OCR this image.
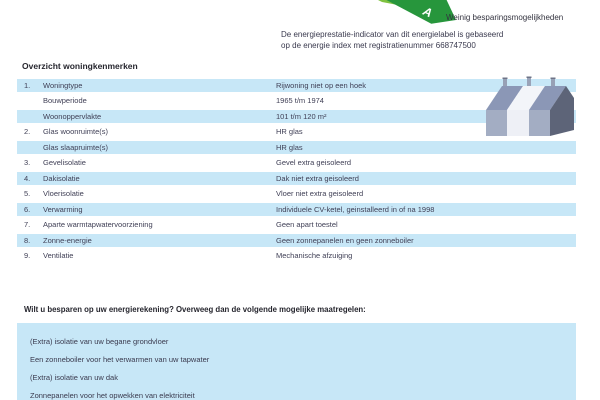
A Weinig besparingsmogelijkheden
De energieprestatie-indicator van dit energielabel is gebaseerd
op de energie index met registratienummer 668747500
Overzicht woningkenmerken
1.	Woningtype	Rijwoning niet op een hoek
Bouwperiode	1965 t/m 1974
Woonoppervlakte	101 t/m 120 m²
2.	Glas woonruimte(s)	HR glas
Glas slaapruimte(s)	HR glas
3.	Gevelisolatie	Gevel extra geisoleerd
4.	Dakisolatie	Dak niet extra geisoleerd
5.	Vloerisolatie	Vloer niet extra geisoleerd
6.	Verwarming	Individuele CV-ketel, geinstalleerd in of na 1998
7.	Aparte warmtapwatervoorziening	Geen apart toestel
8.	Zonne-energie	Geen zonnepanelen en geen zonneboiler
9.	Ventilatie	Mechanische afzuiging
Wilt u besparen op uw energierekening? Overweeg dan de volgende mogelijke maatregelen:
(Extra) isolatie van uw begane grondvloer
Een zonneboiler voor het verwarmen van uw tapwater
(Extra) isolatie van uw dak
Zonnepanelen voor het opwekken van elektriciteit
